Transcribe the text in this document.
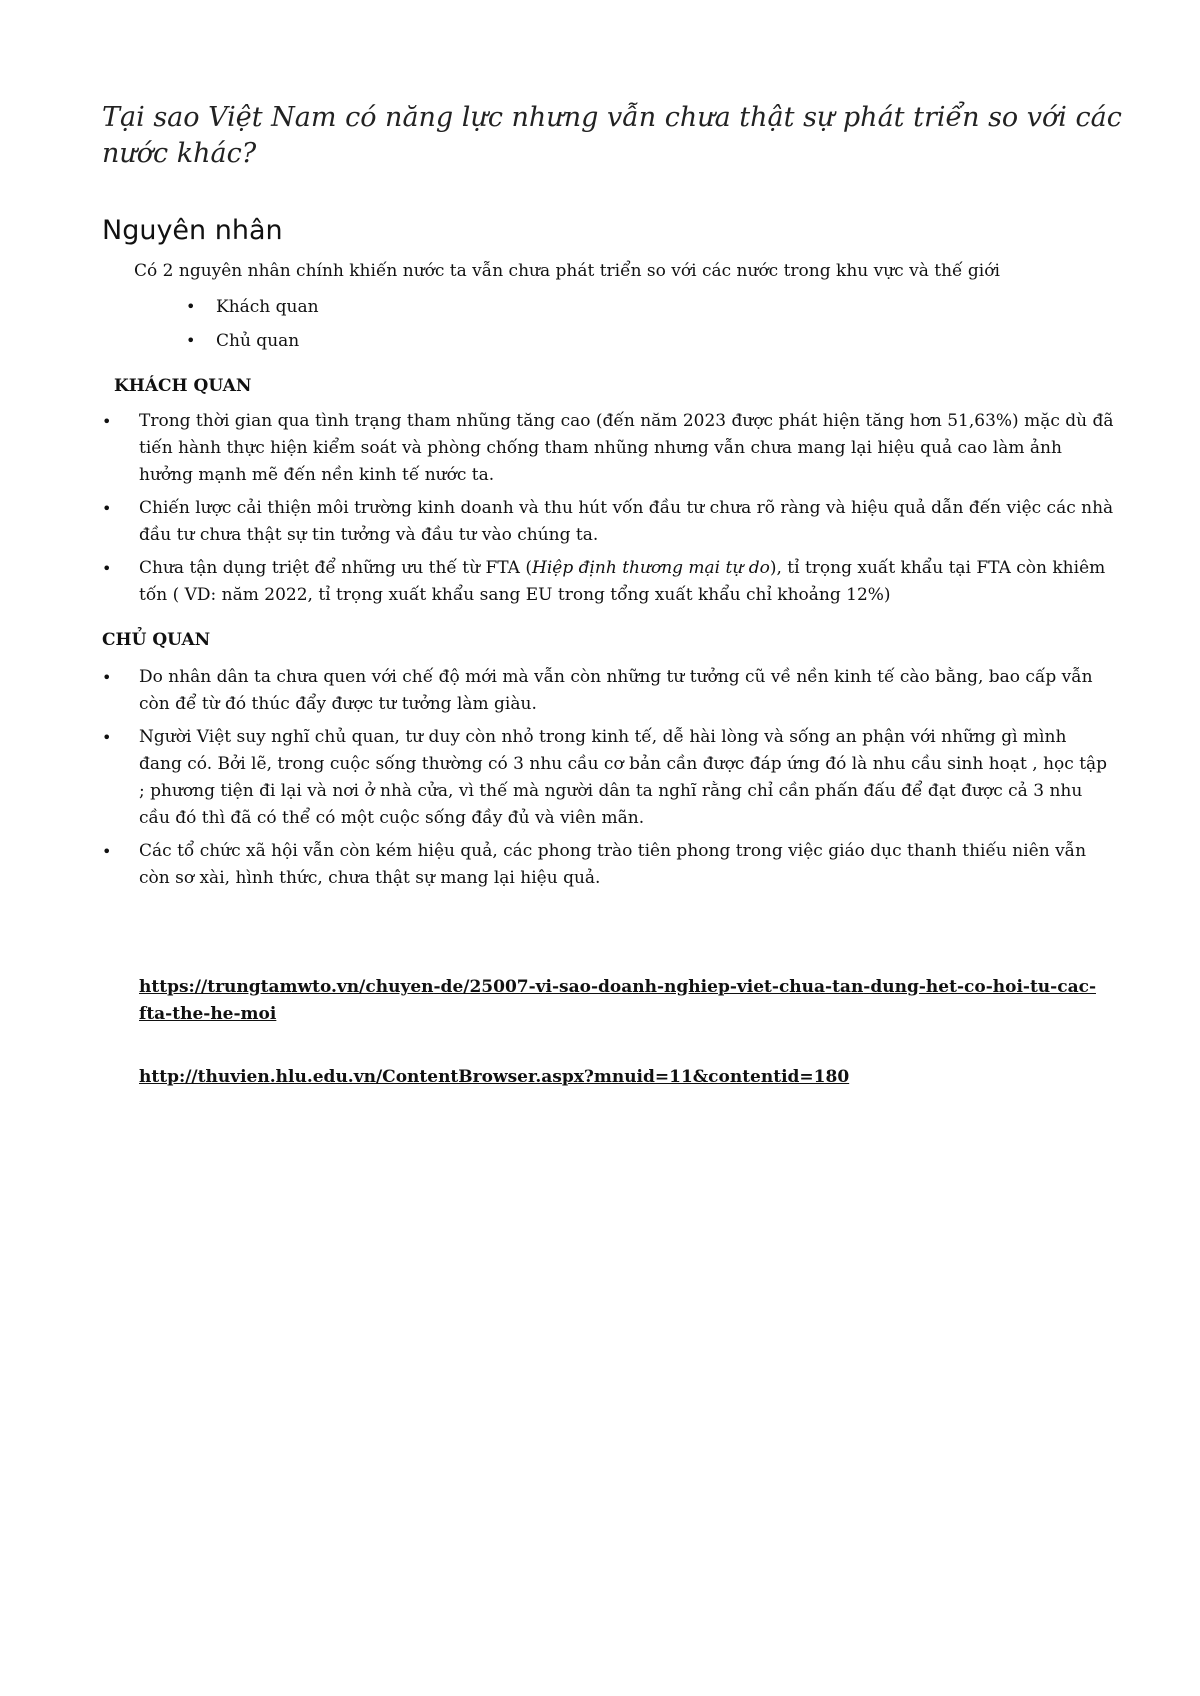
Tại sao Việt Nam có năng lực nhưng vẫn chưa thật sự phát triển so với các nước khác?
Nguyên nhân

Có 2 nguyên nhân chính khiến nước ta vẫn chưa phát triển so với các nước trong khu vực và thế giới

• Khách quan
• Chủ quan
KHÁCH QUAN
• Trong thời gian qua tình trạng tham nhũng tăng cao (đến năm 2023 được phát hiện tăng hơn 51,63%) mặc dù đã tiến hành thực hiện kiểm soát và phòng chống tham nhũng nhưng vẫn chưa mang lại hiệu quả cao làm ảnh hưởng mạnh mẽ đến nền kinh tế nước ta.
• Chiến lược cải thiện môi trường kinh doanh và thu hút vốn đầu tư chưa rõ ràng và hiệu quả dẫn đến việc các nhà đầu tư chưa thật sự tin tưởng và đầu tư vào chúng ta.
• Chưa tận dụng triệt để những ưu thế từ FTA (Hiệp định thương mại tự do), tỉ trọng xuất khẩu tại FTA còn khiêm tốn ( VD: năm 2022, tỉ trọng xuất khẩu sang EU trong tổng xuất khẩu chỉ khoảng 12%)
CHỦ QUAN
• Do nhân dân ta chưa quen với chế độ mới mà vẫn còn những tư tưởng cũ về nền kinh tế cào bằng, bao cấp vẫn còn để từ đó thúc đẩy được tư tưởng làm giàu.
• Người Việt suy nghĩ chủ quan, tư duy còn nhỏ trong kinh tế, dễ hài lòng và sống an phận với những gì mình đang có. Bởi lẽ, trong cuộc sống thường có 3 nhu cầu cơ bản cần được đáp ứng đó là nhu cầu sinh hoạt , học tập ; phương tiện đi lại và nơi ở nhà cửa, vì thế mà người dân ta nghĩ rằng chỉ cần phấn đấu để đạt được cả 3 nhu cầu đó thì đã có thể có một cuộc sống đầy đủ và viên mãn.
• Các tổ chức xã hội vẫn còn kém hiệu quả, các phong trào tiên phong trong việc giáo dục thanh thiếu niên vẫn còn sơ xài, hình thức, chưa thật sự mang lại hiệu quả.
https://trungtamwto.vn/chuyen-de/25007-vi-sao-doanh-nghiep-viet-chua-tan-dung-het-co-hoi-tu-cac-fta-the-he-moi
http://thuvien.hlu.edu.vn/ContentBrowser.aspx?mnuid=11&contentid=180
